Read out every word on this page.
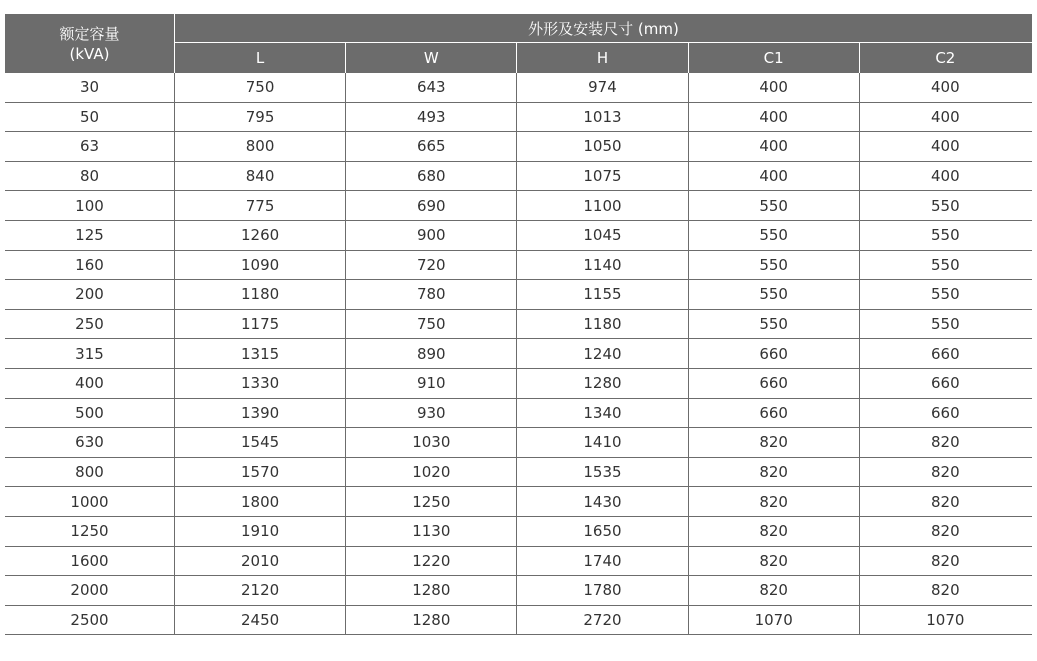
额定容量
(kVA)
外形及安装尺寸 (mm)
L	W	H	C1	C2
30	750	643	974	400	400
50	795	493	1013	400	400
63	800	665	1050	400	400
80	840	680	1075	400	400
100	775	690	1100	550	550
125	1260	900	1045	550	550
160	1090	720	1140	550	550
200	1180	780	1155	550	550
250	1175	750	1180	550	550
315	1315	890	1240	660	660
400	1330	910	1280	660	660
500	1390	930	1340	660	660
630	1545	1030	1410	820	820
800	1570	1020	1535	820	820
1000	1800	1250	1430	820	820
1250	1910	1130	1650	820	820
1600	2010	1220	1740	820	820
2000	2120	1280	1780	820	820
2500	2450	1280	2720	1070	1070
